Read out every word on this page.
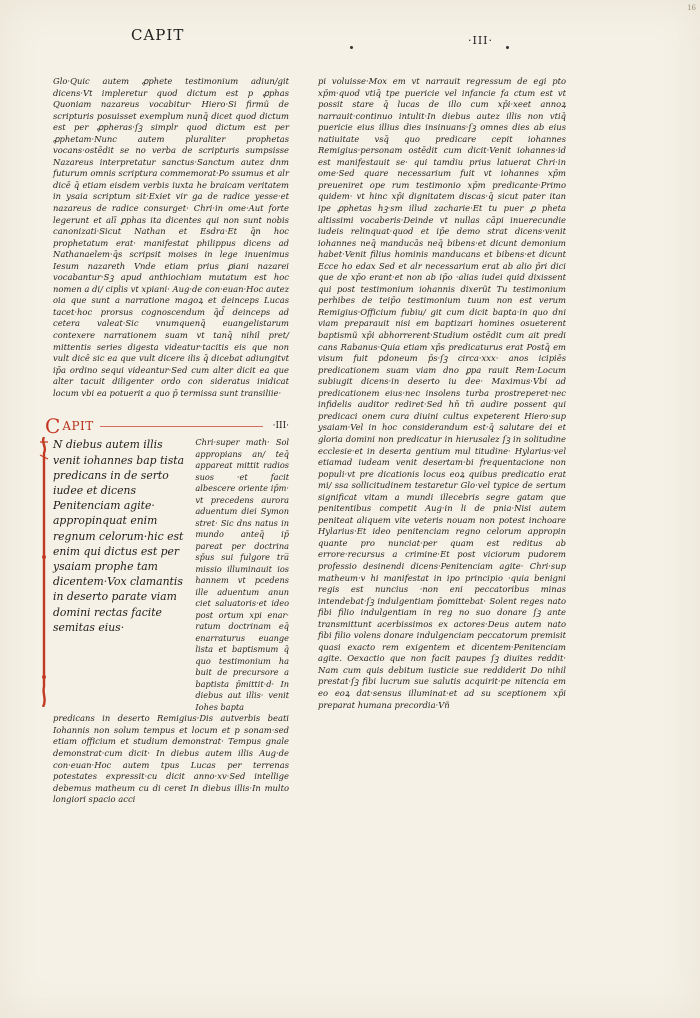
16
CAPIT	·III·

Glo·Quic autem ꝓphete testimonium adiun/git dicens·Vt impleretur quod dictum est p ꝓphas Quoniam nazareus vocabitur· Hiero·Si firmũ de scripturis posuisset exemplum nunq̄ dicet quod dictum est per ꝓpheras·ſꝫ simplr quod dictum est per ꝓphetam·Nunc autem pluraliter prophetas vocans·ostēdit se no verba de scripturis sumpsisse Nazareus interpretatur sanctus·Sanctum autez dnm futurum omnis scriptura commemorat·Po ssumus et alr dicē q̄ etiam eisdem verbis iuxta he braicam veritatem in ysaia scriptum sit·Exiet vir ga de radice yesse·et nazareus de radice consurget· Chri·in ome·Aut forte legerunt et alī ꝑphas ita dicentes qui non sunt nobis canonizati·Sicut Nathan et Esdra·Et q̄n hoc prophetatum erat· manifestat philippus dicens ad Nathanaelem·q̄s scripsit moises in lege inuenimus Iesum nazareth Vnde etiam prius ꝑiani nazarei vocabantur·Sꝫ apud anthiochiam mutatum est hoc nomen a di/ ciplis vt xpiani· Aug·de con·euan·Hoc autez oia que sunt a narratione magoꝝ et deinceps Lucas tacet·hoc prorsus cognoscendum q̄d̄ deinceps ad cetera valeat·Sic vnumquenq̄ euangelistarum contexere narrationem suam vt tanq̄ nihil pret/ mittentis series digesta videatur·tacitis eis que non vult dicē sic ea que vult dicere ilis q̄ dicebat adiungitvt ip̄a ordino sequi videantur·Sed cum alter dicit ea que alter tacuit diligenter ordo con sideratus inidicat locum vbi ea potuerit a quo p̄ termissa sunt transiliie·

C APIT	·III·
N diebus autem illis venit iohannes bap tista predicans in de serto iudee et dicens Penitenciam agite· appropinquat enim regnum celorum·hic est enim qui dictus est per ysaiam prophe tam dicentem·Vox clamantis in deserto parate viam domini rectas facite semitas eius·
Chri·super math· Sol appropians an/ teq̄ appareat mittit radios suos ·et facit albescere oriente ip̄m· vt precedens aurora aduentum diei Symon stret· Sic dns natus in mundo anteq̄ ip̄ pareat per doctrina sp̄us sui fulgore tra̅ missio illuminauit ios hannem vt pcedens ille aduentum anun ciet saluatoris·et ideo post ortum xpi enar· ratum doctrinam eq̄ enarraturus euange lista et baptismum q̄ quo testimonium ha buit de precursore a baptista p̄mittit·d· In diebus aut illis· venit Iohes bapta

predicans in deserto Remigius·Dis autverbis beati Iohannis non solum tempus et locum et p sonam·sed etiam officium et studium demonstrat· Tempus gnale demonstrat·cum dicit· In diebus autem illis Aug·de con·euan·Hoc autem tpus Lucas per terrenas potestates expressit·cu dicit anno·xv·Sed intellige debemus matheum cu di ceret In diebus illis·In multo longiori spacio acci

pi voluisse·Mox em vt narrauit regressum de egi pto xp̄m·quod vtiq̄ tpe puericie vel infancie fa ctum est vt possit stare q̄ lucas de illo cum xp̄i·xeet annoꝝ narrauit·continuo intulit·In diebus autez illis non vtiq̄ puericie eius illius dies insinuans·ſꝫ omnes dies ab eius natiuitate vsq̄ quo predicare cepit iohannes Remigius·personam ostēdit cum dicit·Venit iohannes·id est manifestauit se· qui tamdiu prius latuerat Chri·in ome·Sed quare necessarium fuit vt iohannes xp̄m preueniret ope rum testimonio xp̄m predicante·Primo quidem· vt hinc xp̄i dignitatem discas·q̄ sicut pater itan ipe ꝓphetas hꝫ·sm illud zacharie·Et tu puer ꝓ pheta altissimi vocaberis·Deinde vt nullas cāpi inuerecundie iudeis relinquat·quod et ip̄e demo strat dicens·venit iohannes neq̄ manducās neq̄ bibens·et dicunt demonium habet·Venit filius hominis manducans et bibens·et dicunt Ecce ho edax Sed et alr necessarium erat ab alio p̄ri dici que de xp̄o erant·et non ab ip̄o ·alias iudei quid dixissent qui post testimonium iohannis dixerũt Tu testimonium perhibes de teip̄o testimonium tuum non est verum Remigius·Officium fubiu/ git cum dicit bapta·in quo dni viam preparauit nisi em baptizari homines osueterent baptismũ xp̄i abhorrerent·Studium ostēdit cum ait predi cans Rabanus·Quia etiam xp̄s predicaturus erat Postq̄ em visum fuit pdoneum p̄s·ſꝫ circa·xxx· anos icipiēs predicationem suam viam dno ꝑpa rauit Rem·Locum subiugit dicens·in deserto iu dee· Maximus·Vbi ad predicationem eius·nec insolens turba prostreperet·nec infidelis auditor rediret·Sed hn̄ tn̄ audire possent qui predicaci onem cura diuini cultus expeterent Hiero·sup ysaiam·Vel in hoc considerandum est·q̄ salutare dei et gloria domini non predicatur in hierusalez ſꝫ in solitudine ecclesie·et in deserta gentium mul titudine· Hylarius·vel etiamad iudeam venit desertam·bi frequentacione non populi·vt pre dicationis locus eoꝝ quibus predicatio erat mi/ ssa sollicitudinem testaretur Glo·vel typice de sertum significat vitam a mundi illecebris segre gatam que penitentibus competit Aug·in li de pnia·Nisi autem peniteat aliquem vite veteris nouam non potest inchoare Hylarius·Et ideo penitenciam regno celorum appropin quante pro nunciat·per quam est reditus ab errore·recursus a crimine·Et post viciorum pudorem professio desinendi dicens·Penitenciam agite· Chri·sup matheum·v hi manifestat in ipo principio ·quia benigni regis est nuncius ·non eni peccatoribus minas intendebat·ſꝫ indulgentiam p̄omittebat· Solent reges nato fibi filio indulgentiam in reg no suo donare ſꝫ ante transmittunt acerbissimos ex actores·Deus autem nato fibi filio volens donare indulgenciam peccatorum premisit quasi exacto rem exigentem et dicentem·Penitenciam agite. Oexactio que non facit paupes ſꝫ diuites reddit· Nam cum quis debitum iusticie sue reddiderit Do nihil prestat·ſꝫ fibi lucrum sue salutis acquirit·pe nitencia em eo eoꝝ dat·sensus illuminat·et ad su sceptionem xp̄i preparat humana precordia·Vñ
